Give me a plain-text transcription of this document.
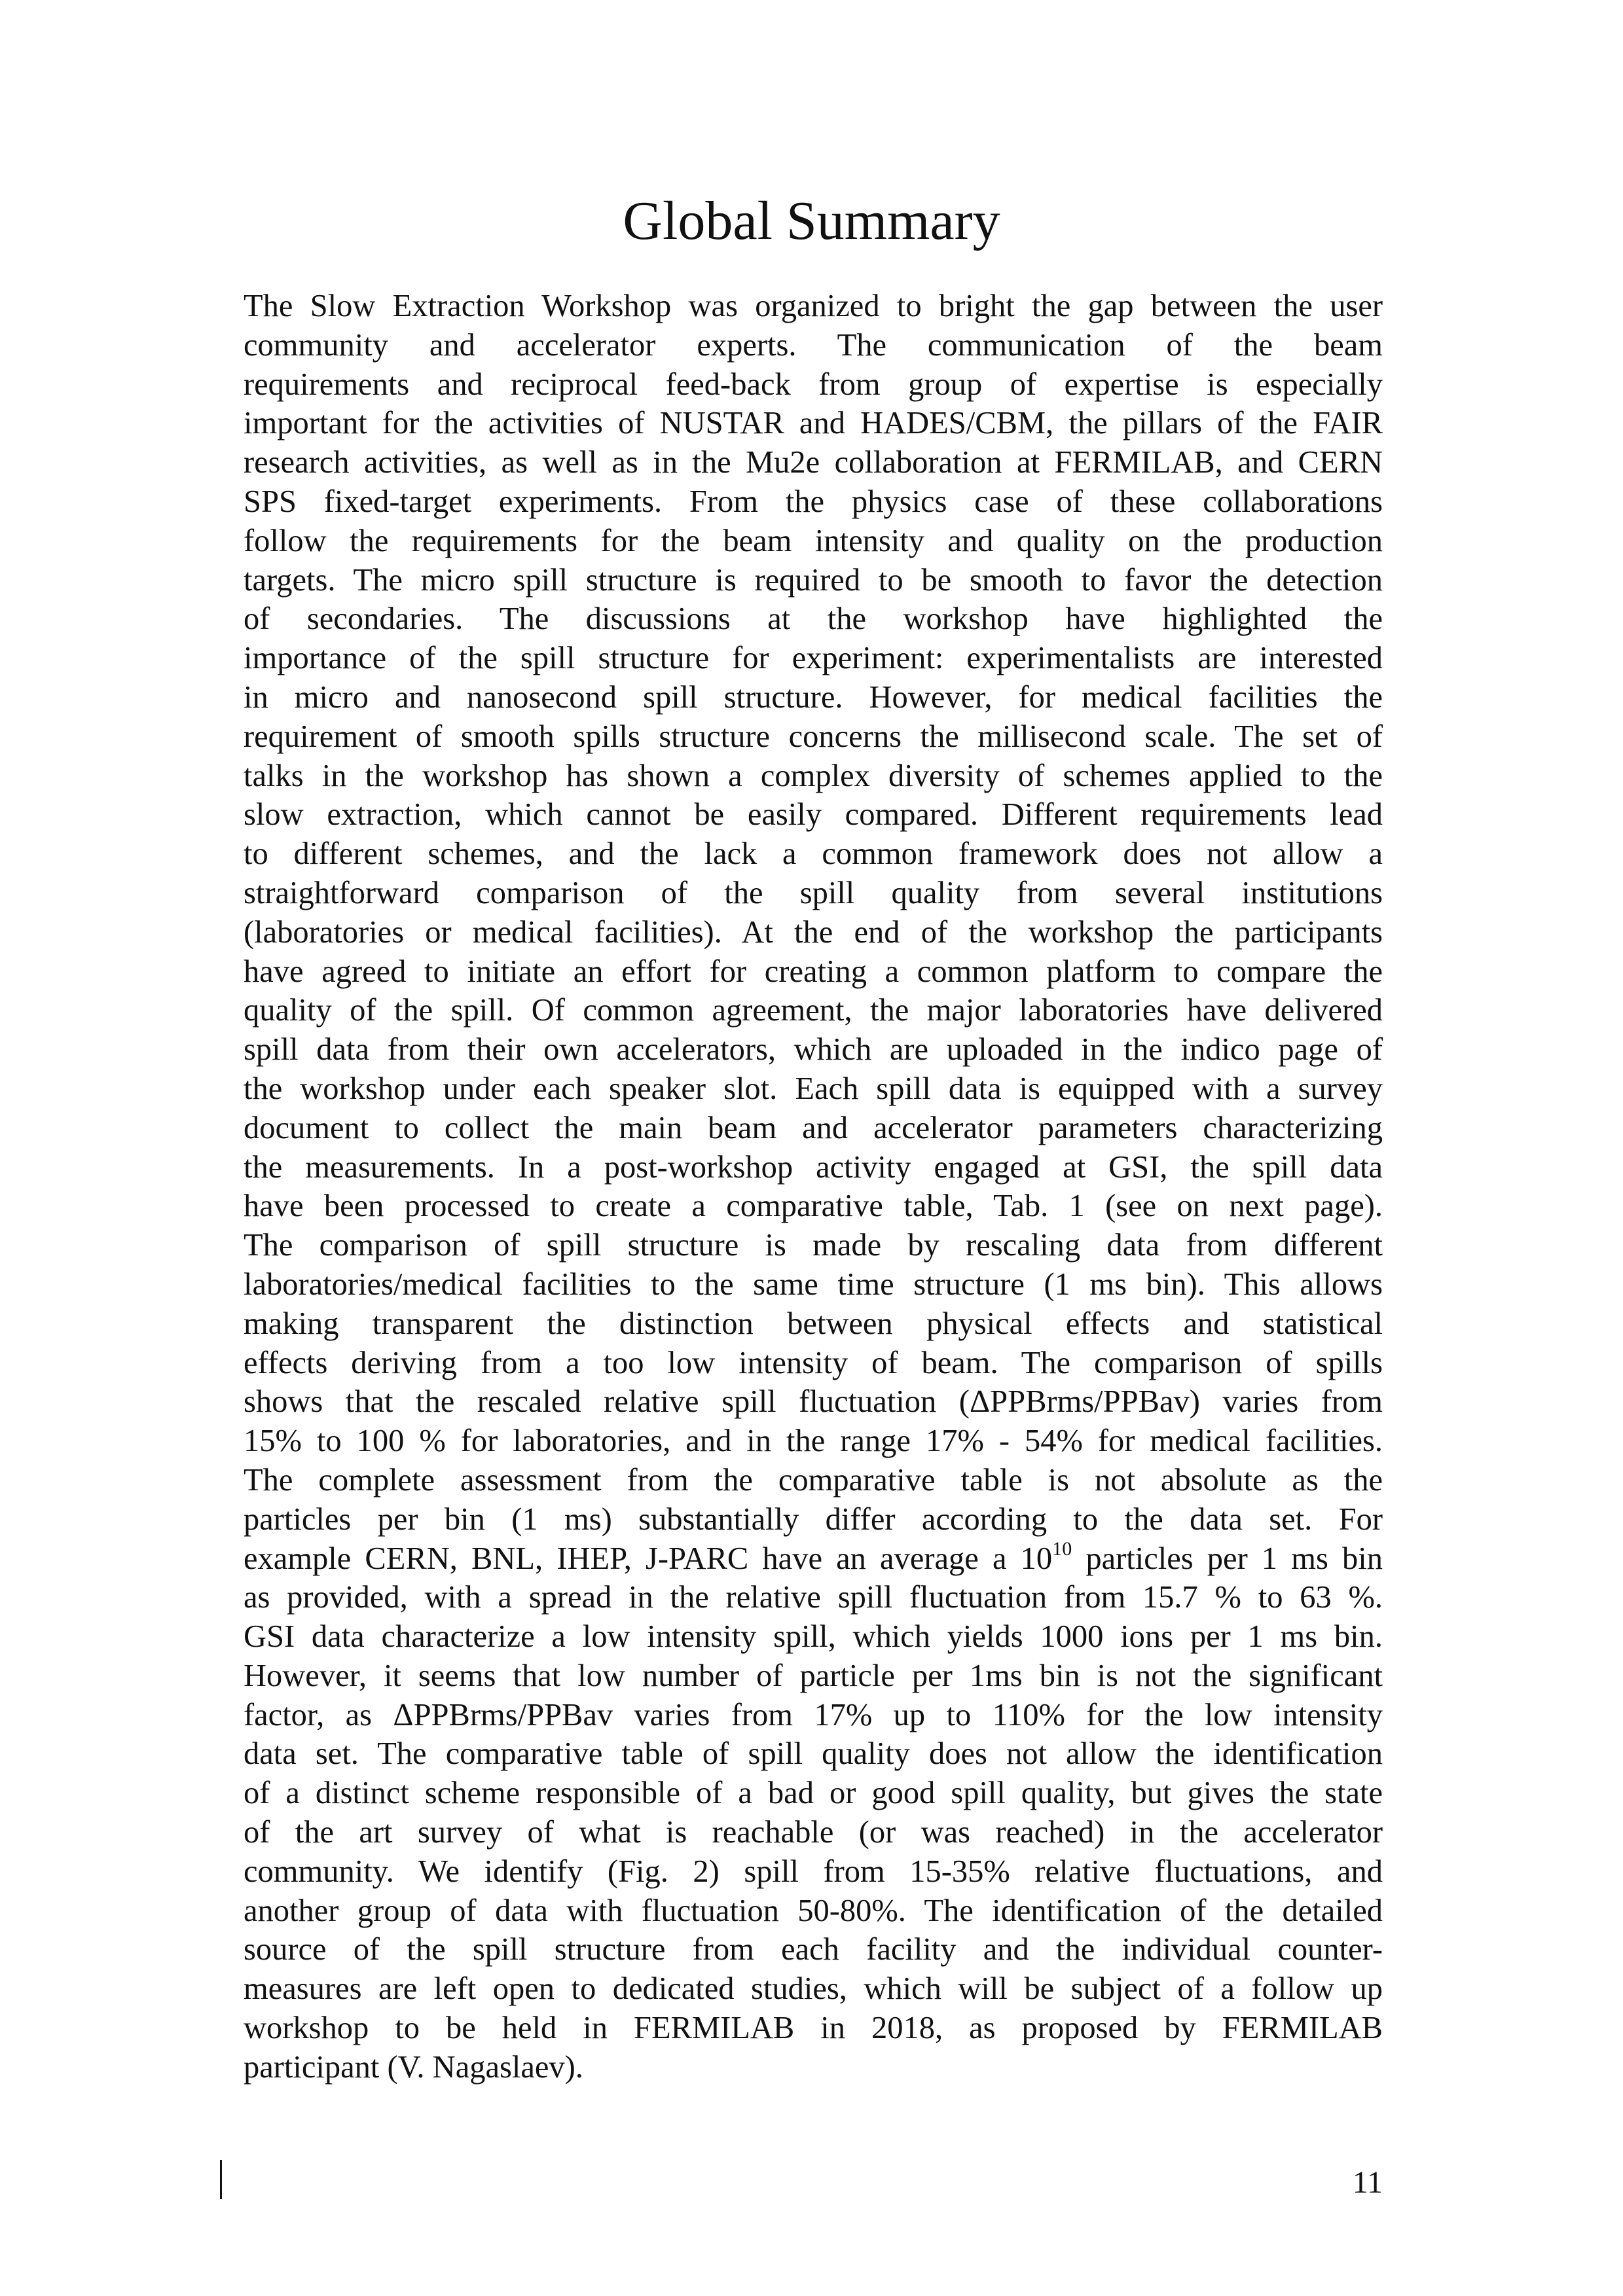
Global Summary

The Slow Extraction Workshop was organized to bright the gap between the user
community and accelerator experts. The communication of the beam
requirements and reciprocal feed-back from group of expertise is especially
important for the activities of NUSTAR and HADES/CBM, the pillars of the FAIR
research activities, as well as in the Mu2e collaboration at FERMILAB, and CERN
SPS fixed-target experiments. From the physics case of these collaborations
follow the requirements for the beam intensity and quality on the production
targets. The micro spill structure is required to be smooth to favor the detection
of secondaries. The discussions at the workshop have highlighted the
importance of the spill structure for experiment: experimentalists are interested
in micro and nanosecond spill structure. However, for medical facilities the
requirement of smooth spills structure concerns the millisecond scale. The set of
talks in the workshop has shown a complex diversity of schemes applied to the
slow extraction, which cannot be easily compared. Different requirements lead
to different schemes, and the lack a common framework does not allow a
straightforward comparison of the spill quality from several institutions
(laboratories or medical facilities). At the end of the workshop the participants
have agreed to initiate an effort for creating a common platform to compare the
quality of the spill. Of common agreement, the major laboratories have delivered
spill data from their own accelerators, which are uploaded in the indico page of
the workshop under each speaker slot. Each spill data is equipped with a survey
document to collect the main beam and accelerator parameters characterizing
the measurements. In a post-workshop activity engaged at GSI, the spill data
have been processed to create a comparative table, Tab. 1 (see on next page).
The comparison of spill structure is made by rescaling data from different
laboratories/medical facilities to the same time structure (1 ms bin). This allows
making transparent the distinction between physical effects and statistical
effects deriving from a too low intensity of beam. The comparison of spills
shows that the rescaled relative spill fluctuation (ΔPPBrms/PPBav) varies from
15% to 100 % for laboratories, and in the range 17% - 54% for medical facilities.
The complete assessment from the comparative table is not absolute as the
particles per bin (1 ms) substantially differ according to the data set. For
example CERN, BNL, IHEP, J-PARC have an average a $10^{10}$ particles per 1 ms bin
as provided, with a spread in the relative spill fluctuation from 15.7 % to 63 %.
GSI data characterize a low intensity spill, which yields 1000 ions per 1 ms bin.
However, it seems that low number of particle per 1ms bin is not the significant
factor, as ΔPPBrms/PPBav varies from 17% up to 110% for the low intensity
data set. The comparative table of spill quality does not allow the identification
of a distinct scheme responsible of a bad or good spill quality, but gives the state
of the art survey of what is reachable (or was reached) in the accelerator
community. We identify (Fig. 2) spill from 15-35% relative fluctuations, and
another group of data with fluctuation 50-80%. The identification of the detailed
source of the spill structure from each facility and the individual counter-
measures are left open to dedicated studies, which will be subject of a follow up
workshop to be held in FERMILAB in 2018, as proposed by FERMILAB
participant (V. Nagaslaev).

11
